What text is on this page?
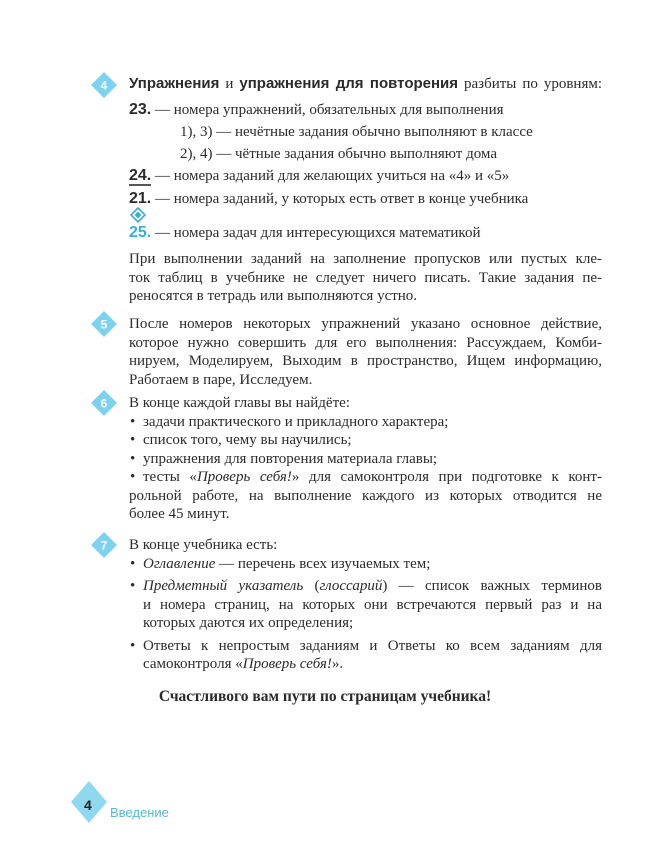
4 Упражнения и упражнения для повторения разбиты по уровням:
23. — номера упражнений, обязательных для выполнения
1), 3) — нечётные задания обычно выполняют в классе
2), 4) — чётные задания обычно выполняют дома
24. — номера заданий для желающих учиться на «4» и «5»
21. — номера заданий, у которых есть ответ в конце учебника
25. — номера задач для интересующихся математикой
При выполнении заданий на заполнение пропусков или пустых кле-
ток таблиц в учебнике не следует ничего писать. Такие задания пе-
реносятся в тетрадь или выполняются устно.
5 После номеров некоторых упражнений указано основное действие,
которое нужно совершить для его выполнения: Рассуждаем, Комби-
нируем, Моделируем, Выходим в пространство, Ищем информацию,
Работаем в паре, Исследуем.
6 В конце каждой главы вы найдёте:
• задачи практического и прикладного характера;
• список того, чему вы научились;
• упражнения для повторения материала главы;
• тесты «Проверь себя!» для самоконтроля при подготовке к конт-
рольной работе, на выполнение каждого из которых отводится не
более 45 минут.
7 В конце учебника есть:
• Оглавление — перечень всех изучаемых тем;
• Предметный указатель (глоссарий) — список важных терминов
и номера страниц, на которых они встречаются первый раз и на
которых даются их определения;
• Ответы к непростым заданиям и Ответы ко всем заданиям для
самоконтроля «Проверь себя!».
Счастливого вам пути по страницам учебника!
4 Введение
